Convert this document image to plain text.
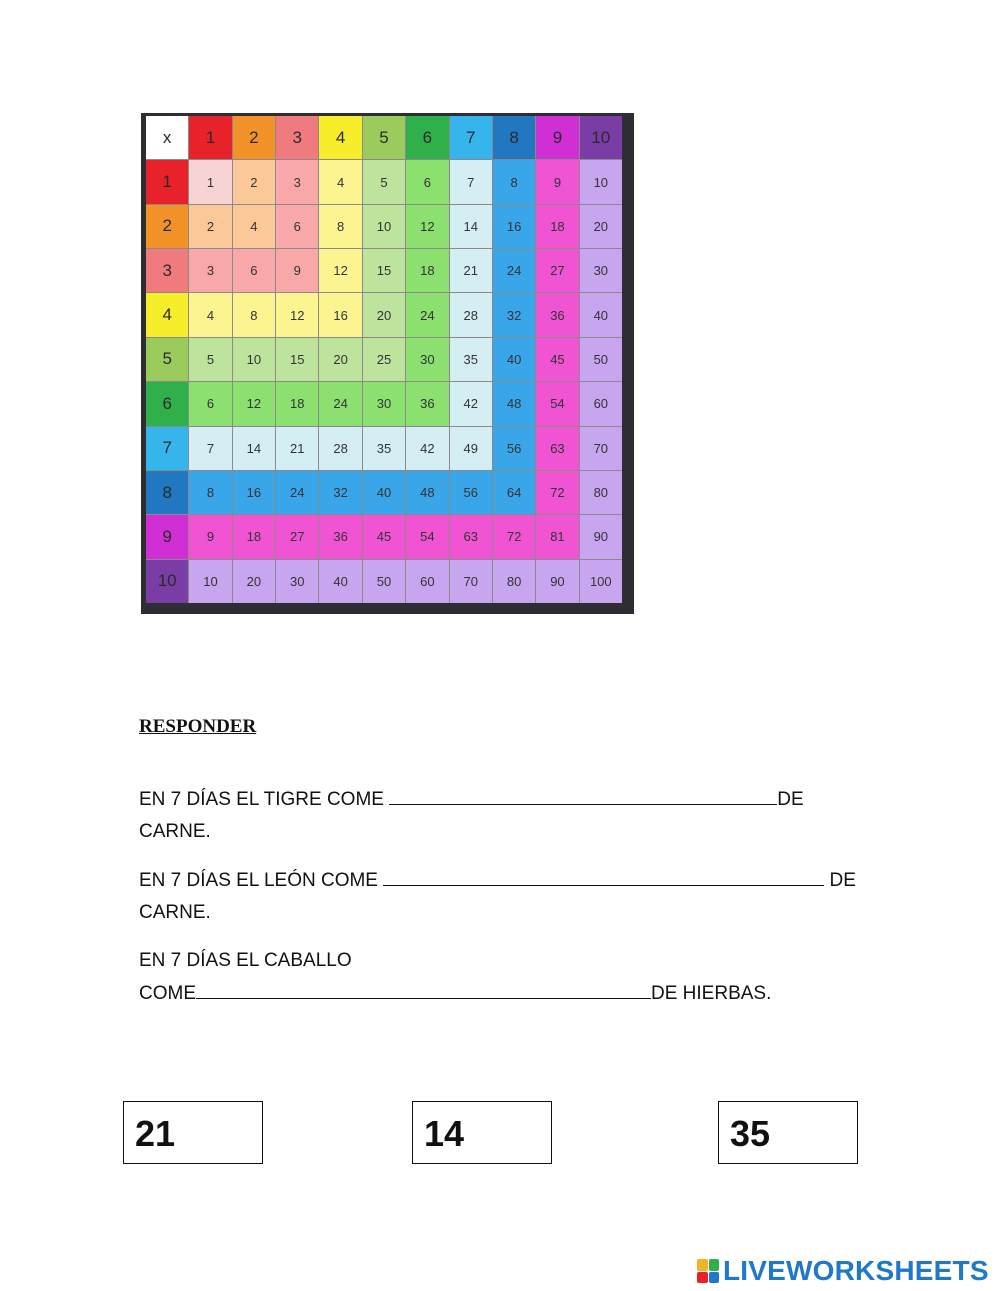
x	1	2	3	4	5	6	7	8	9	10
1	1	2	3	4	5	6	7	8	9	10
2	2	4	6	8	10	12	14	16	18	20
3	3	6	9	12	15	18	21	24	27	30
4	4	8	12	16	20	24	28	32	36	40
5	5	10	15	20	25	30	35	40	45	50
6	6	12	18	24	30	36	42	48	54	60
7	7	14	21	28	35	42	49	56	63	70
8	8	16	24	32	40	48	56	64	72	80
9	9	18	27	36	45	54	63	72	81	90
10	10	20	30	40	50	60	70	80	90	100
RESPONDER

EN 7 DÍAS EL TIGRE COME	DE

CARNE.

EN 7 DÍAS EL LEÓN COME	DE

CARNE.

EN 7 DÍAS EL CABALLO

COME	DE HIERBAS.

21	14	35
LIVEWORKSHEETS
